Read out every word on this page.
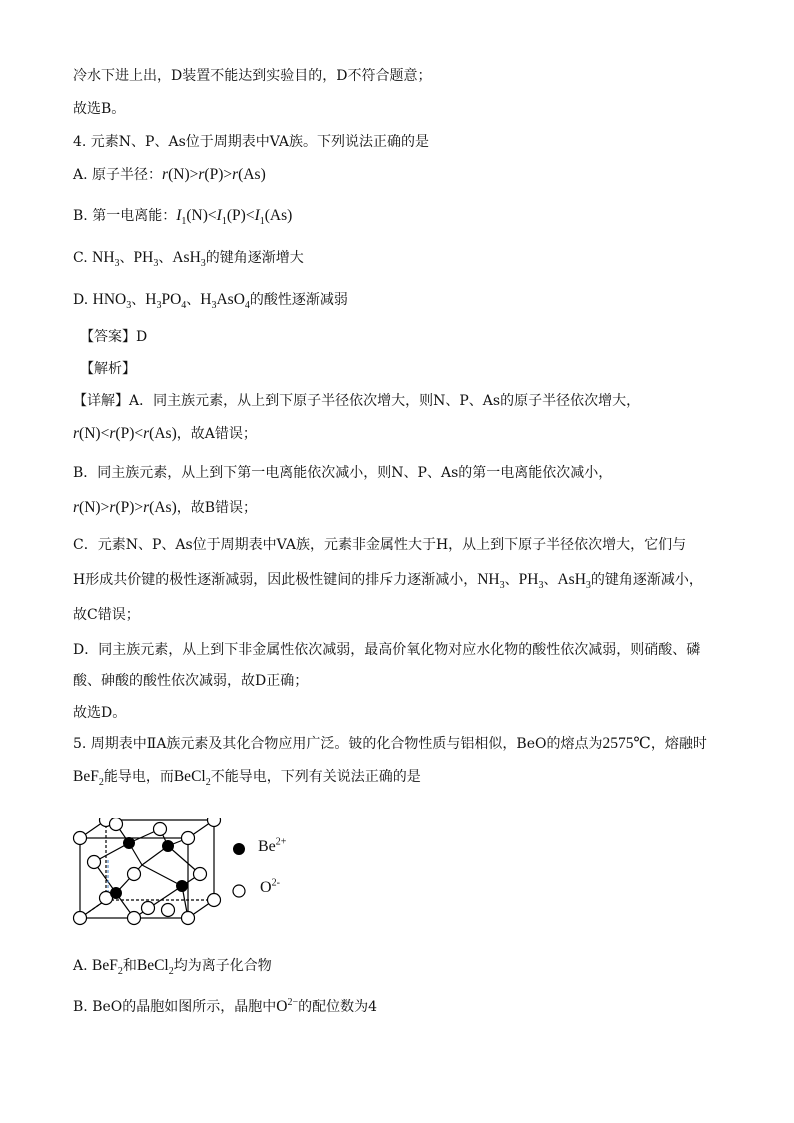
冷水下进上出，D装置不能达到实验目的，D不符合题意；
故选B。
4. 元素N、P、As位于周期表中VA族。下列说法正确的是
A. 原子半径：r(N)>r(P)>r(As)
B. 第一电离能：$I_1(N)<I_1(P)<I_1(As)$
C. $NH_3$、$PH_3$、AsH$_3$的键角逐渐增大
D. $HNO_3$、$H_3PO_4$、$H_3AsO_4$的酸性逐渐减弱
【答案】D
【解析】
【详解】A．同主族元素，从上到下原子半径依次增大，则N、P、As的原子半径依次增大，
r(N)<r(P)<r(As)，故A错误；
B．同主族元素，从上到下第一电离能依次减小，则N、P、As的第一电离能依次减小，
r(N)>r(P)>r(As)，故B错误；
C．元素N、P、As位于周期表中VA族，元素非金属性大于H，从上到下原子半径依次增大，它们与
H形成共价键的极性逐渐减弱，因此极性键间的排斥力逐渐减小，$NH_3$、$PH_3$、AsH$_3$的键角逐渐减小，
故C错误；
D．同主族元素，从上到下非金属性依次减弱，最高价氧化物对应水化物的酸性依次减弱，则硝酸、磷
酸、砷酸的酸性依次减弱，故D正确；
故选D。
5. 周期表中ⅡA族元素及其化合物应用广泛。铍的化合物性质与铝相似，BeO的熔点为2575℃，熔融时
BeF$_2$能导电，而BeCl$_2$不能导电，下列有关说法正确的是
$Be^{2+}$
$O^{2-}$
A. BeF$_2$和BeCl$_2$均为离子化合物
B. BeO的晶胞如图所示，晶胞中$O^{2-}$的配位数为4
